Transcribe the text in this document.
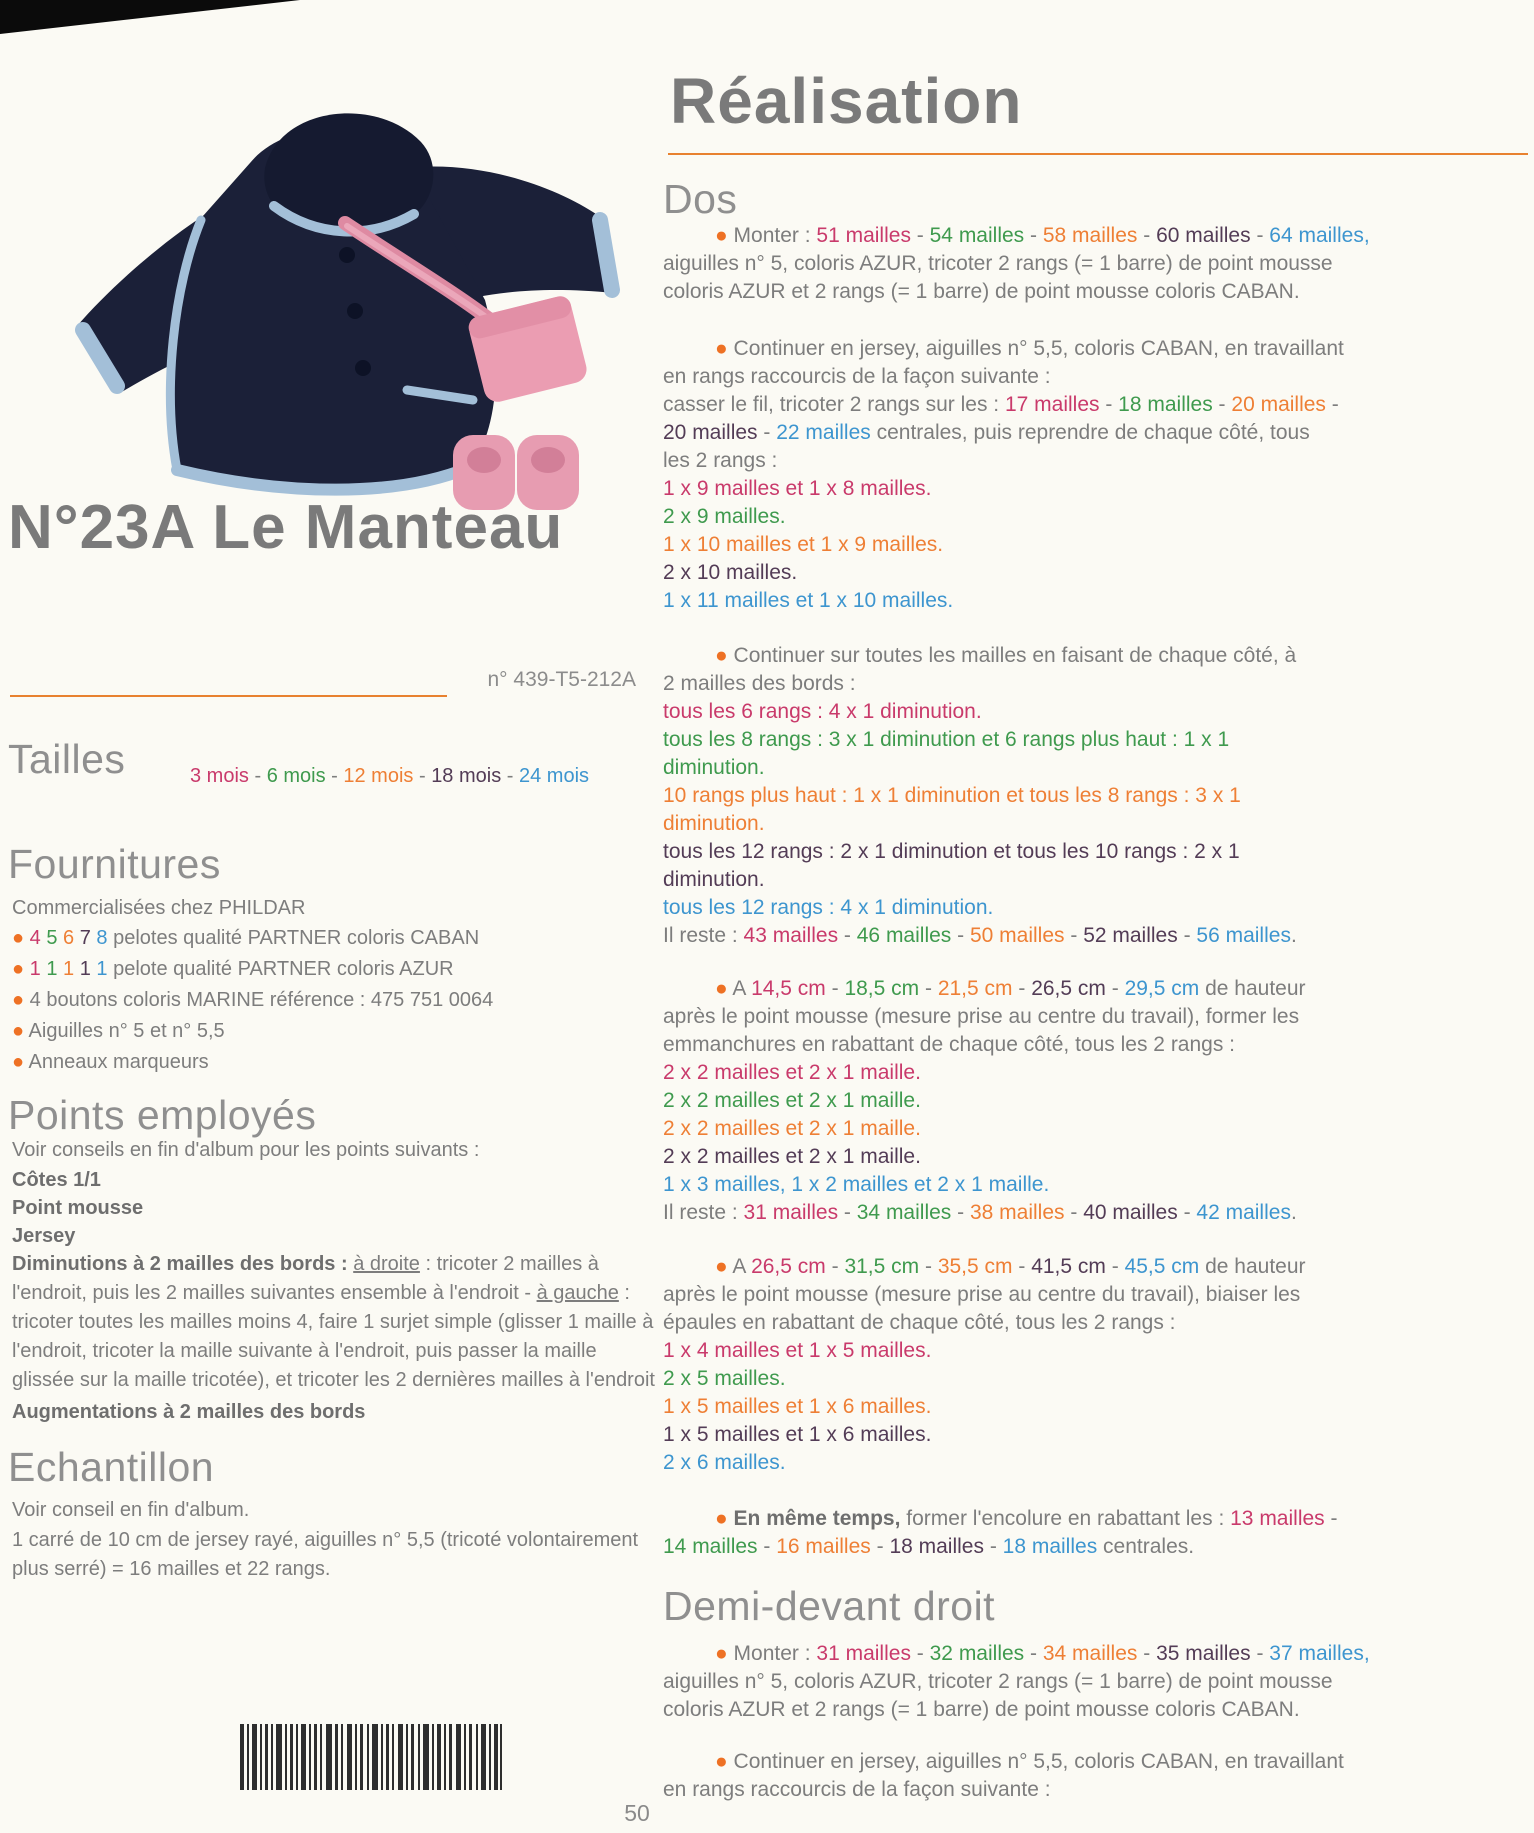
N°23A Le Manteau
n° 439-T5-212A
Tailles	3 mois - 6 mois - 12 mois - 18 mois - 24 mois
Fournitures
Commercialisées chez PHILDAR
● 4 5 6 7 8 pelotes qualité PARTNER coloris CABAN
● 1 1 1 1 1 pelote qualité PARTNER coloris AZUR
● 4 boutons coloris MARINE référence : 475 751 0064
● Aiguilles n° 5 et n° 5,5
● Anneaux marqueurs
Points employés
Voir conseils en fin d'album pour les points suivants :
Côtes 1/1
Point mousse
Jersey
Diminutions à 2 mailles des bords : à droite : tricoter 2 mailles à l'endroit, puis les 2 mailles suivantes ensemble à l'endroit - à gauche : tricoter toutes les mailles moins 4, faire 1 surjet simple (glisser 1 maille à l'endroit, tricoter la maille suivante à l'endroit, puis passer la maille glissée sur la maille tricotée), et tricoter les 2 dernières mailles à l'endroit
Augmentations à 2 mailles des bords
Echantillon
Voir conseil en fin d'album.
1 carré de 10 cm de jersey rayé, aiguilles n° 5,5 (tricoté volontairement plus serré) = 16 mailles et 22 rangs.
Réalisation
Dos
● Monter : 51 mailles - 54 mailles - 58 mailles - 60 mailles - 64 mailles,
aiguilles n° 5, coloris AZUR, tricoter 2 rangs (= 1 barre) de point mousse
coloris AZUR et 2 rangs (= 1 barre) de point mousse coloris CABAN.
● Continuer en jersey, aiguilles n° 5,5, coloris CABAN, en travaillant
en rangs raccourcis de la façon suivante :
casser le fil, tricoter 2 rangs sur les : 17 mailles - 18 mailles - 20 mailles -
20 mailles - 22 mailles centrales, puis reprendre de chaque côté, tous
les 2 rangs :
1 x 9 mailles et 1 x 8 mailles.
2 x 9 mailles.
1 x 10 mailles et 1 x 9 mailles.
2 x 10 mailles.
1 x 11 mailles et 1 x 10 mailles.
● Continuer sur toutes les mailles en faisant de chaque côté, à
2 mailles des bords :
tous les 6 rangs : 4 x 1 diminution.
tous les 8 rangs : 3 x 1 diminution et 6 rangs plus haut : 1 x 1
diminution.
10 rangs plus haut : 1 x 1 diminution et tous les 8 rangs : 3 x 1
diminution.
tous les 12 rangs : 2 x 1 diminution et tous les 10 rangs : 2 x 1
diminution.
tous les 12 rangs : 4 x 1 diminution.
Il reste : 43 mailles - 46 mailles - 50 mailles - 52 mailles - 56 mailles.
● A 14,5 cm - 18,5 cm - 21,5 cm - 26,5 cm - 29,5 cm de hauteur
après le point mousse (mesure prise au centre du travail), former les
emmanchures en rabattant de chaque côté, tous les 2 rangs :
2 x 2 mailles et 2 x 1 maille.
2 x 2 mailles et 2 x 1 maille.
2 x 2 mailles et 2 x 1 maille.
2 x 2 mailles et 2 x 1 maille.
1 x 3 mailles, 1 x 2 mailles et 2 x 1 maille.
Il reste : 31 mailles - 34 mailles - 38 mailles - 40 mailles - 42 mailles.
● A 26,5 cm - 31,5 cm - 35,5 cm - 41,5 cm - 45,5 cm de hauteur
après le point mousse (mesure prise au centre du travail), biaiser les
épaules en rabattant de chaque côté, tous les 2 rangs :
1 x 4 mailles et 1 x 5 mailles.
2 x 5 mailles.
1 x 5 mailles et 1 x 6 mailles.
1 x 5 mailles et 1 x 6 mailles.
2 x 6 mailles.
● En même temps, former l'encolure en rabattant les : 13 mailles -
14 mailles - 16 mailles - 18 mailles - 18 mailles centrales.
Demi-devant droit
● Monter : 31 mailles - 32 mailles - 34 mailles - 35 mailles - 37 mailles,
aiguilles n° 5, coloris AZUR, tricoter 2 rangs (= 1 barre) de point mousse
coloris AZUR et 2 rangs (= 1 barre) de point mousse coloris CABAN.
● Continuer en jersey, aiguilles n° 5,5, coloris CABAN, en travaillant
en rangs raccourcis de la façon suivante :
50
